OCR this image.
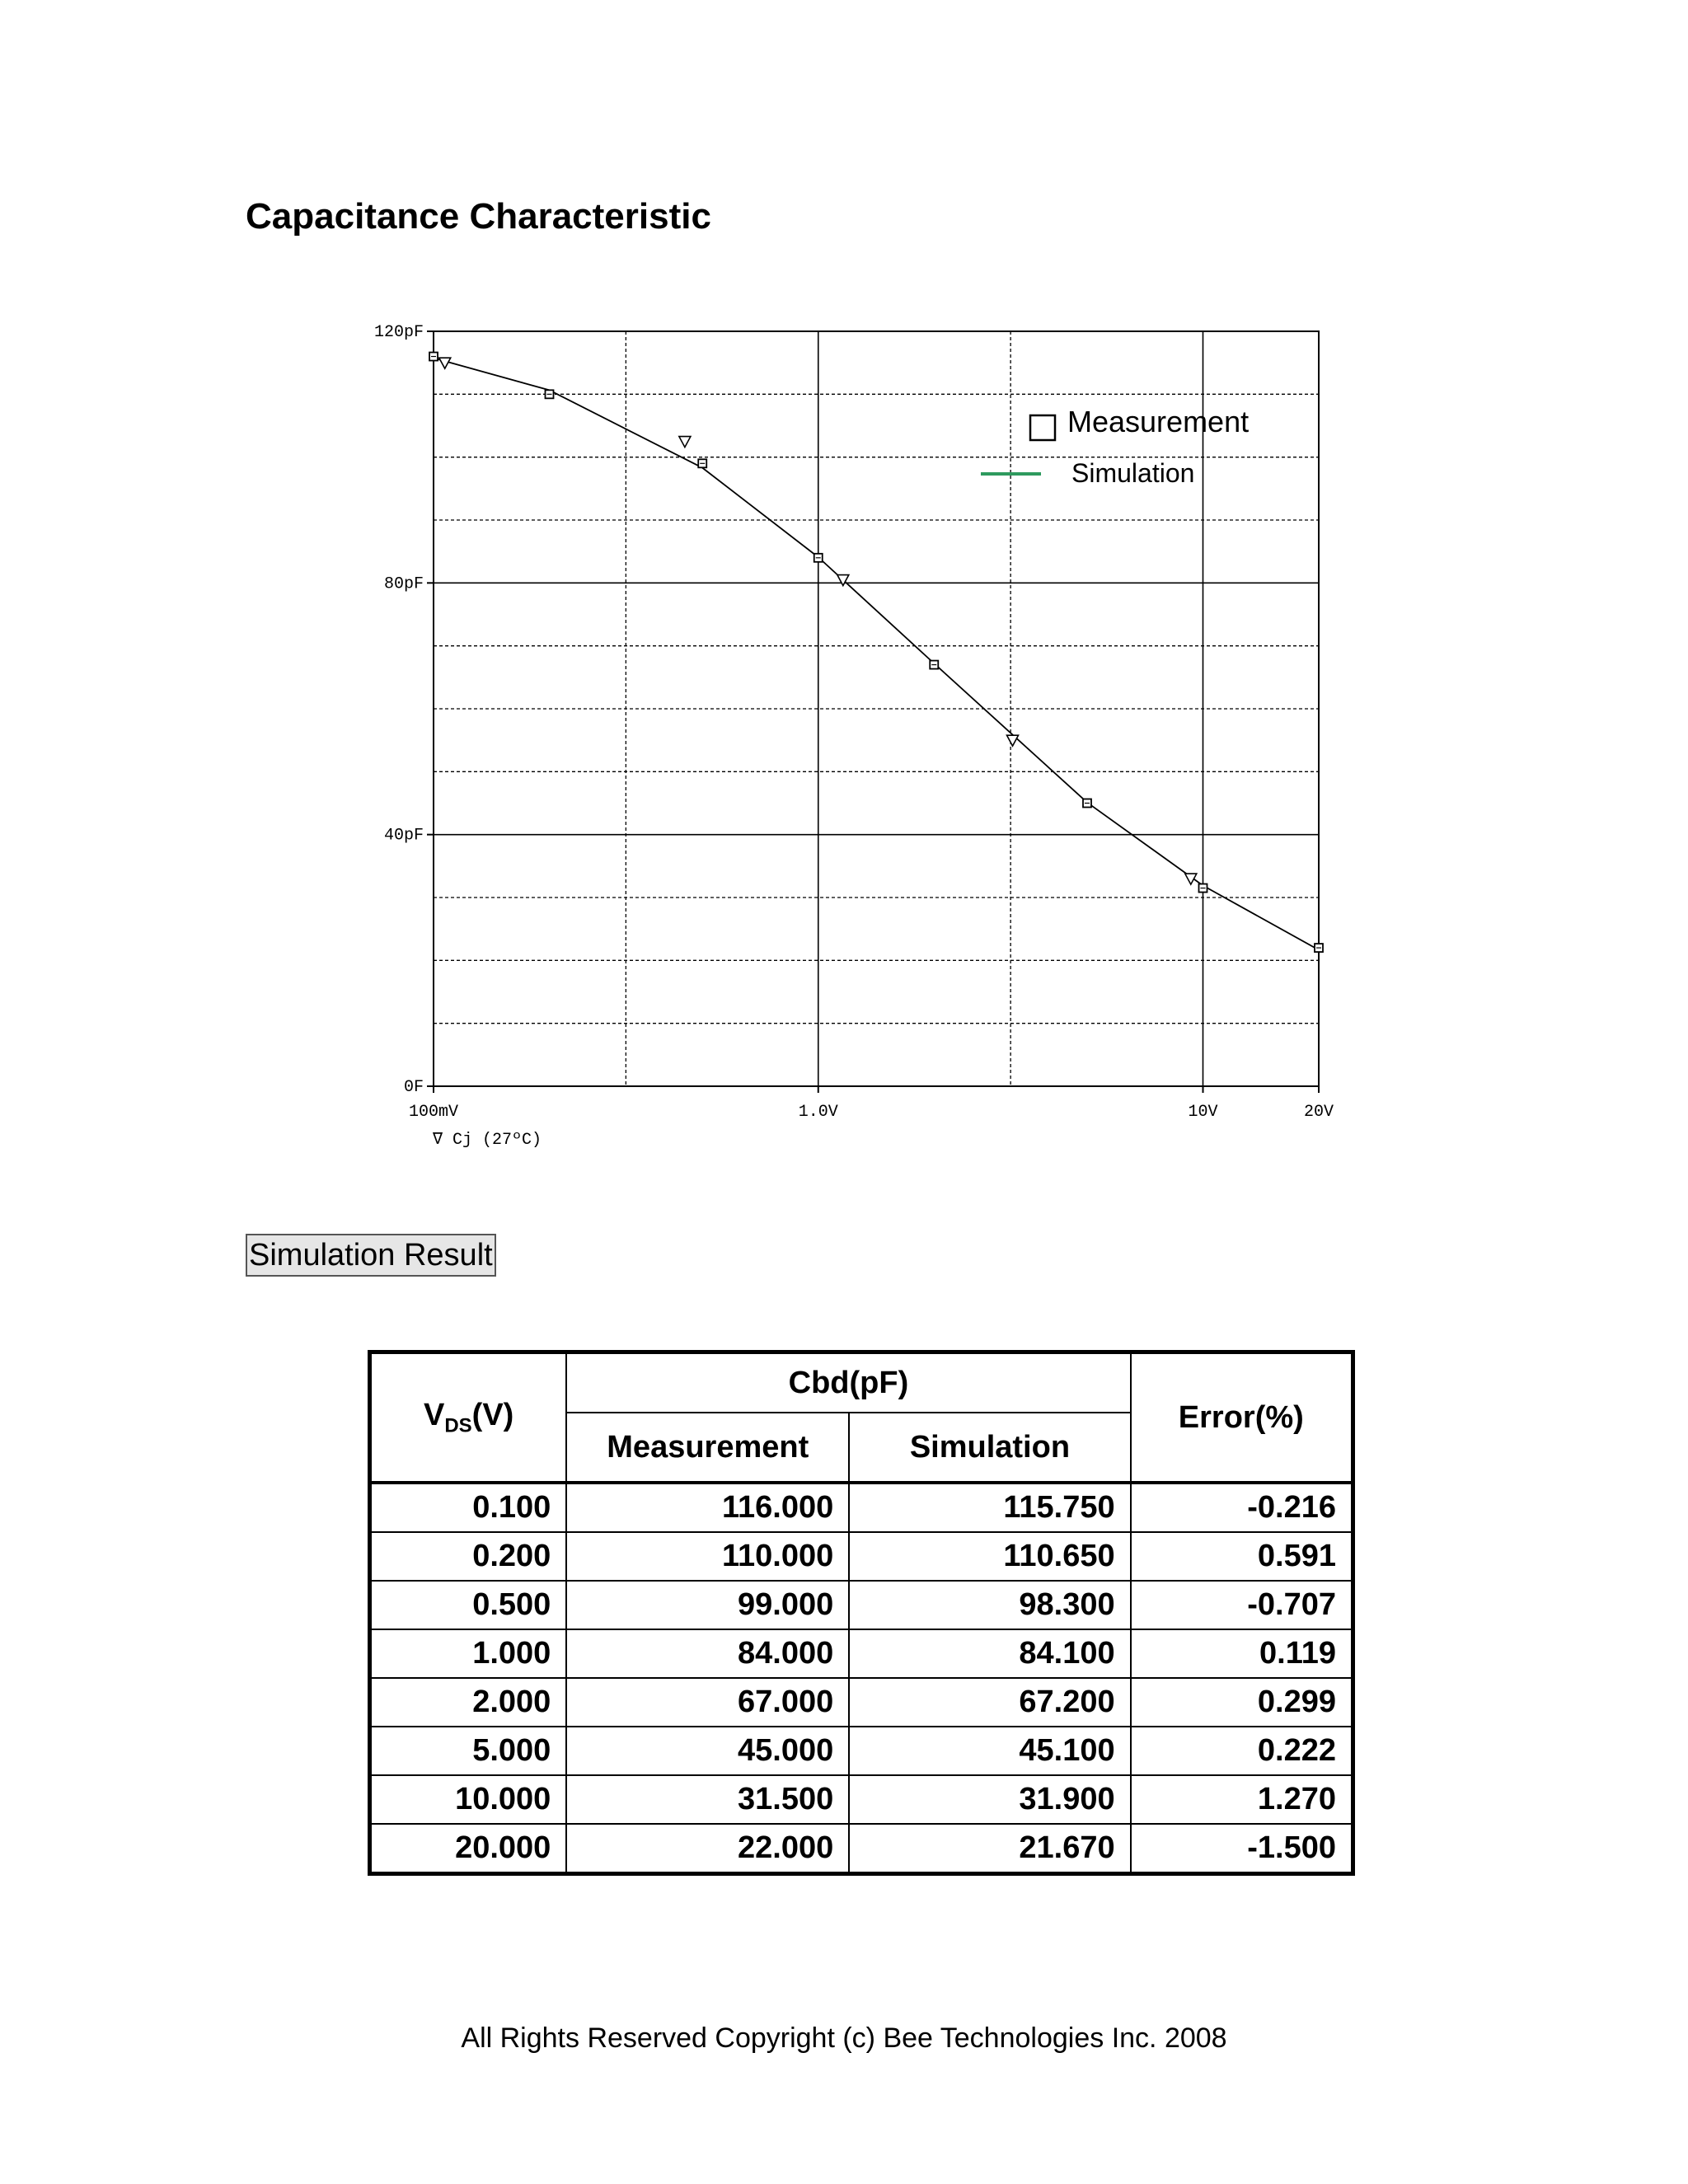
Capacitance Characteristic
0F
40pF
80pF
120pF
100mV	1.0V	10V	20V
Measurement
Simulation
∇ Cj (27ºC)
Simulation Result
$V_{DS}(V)$	Cbd(pF)		Error(%)
	Measurement	Simulation	
0.100	116.000	115.750	-0.216
0.200	110.000	110.650	0.591
0.500	99.000	98.300	-0.707
1.000	84.000	84.100	0.119
2.000	67.000	67.200	0.299
5.000	45.000	45.100	0.222
10.000	31.500	31.900	1.270
20.000	22.000	21.670	-1.500
All Rights Reserved Copyright (c) Bee Technologies Inc. 2008
